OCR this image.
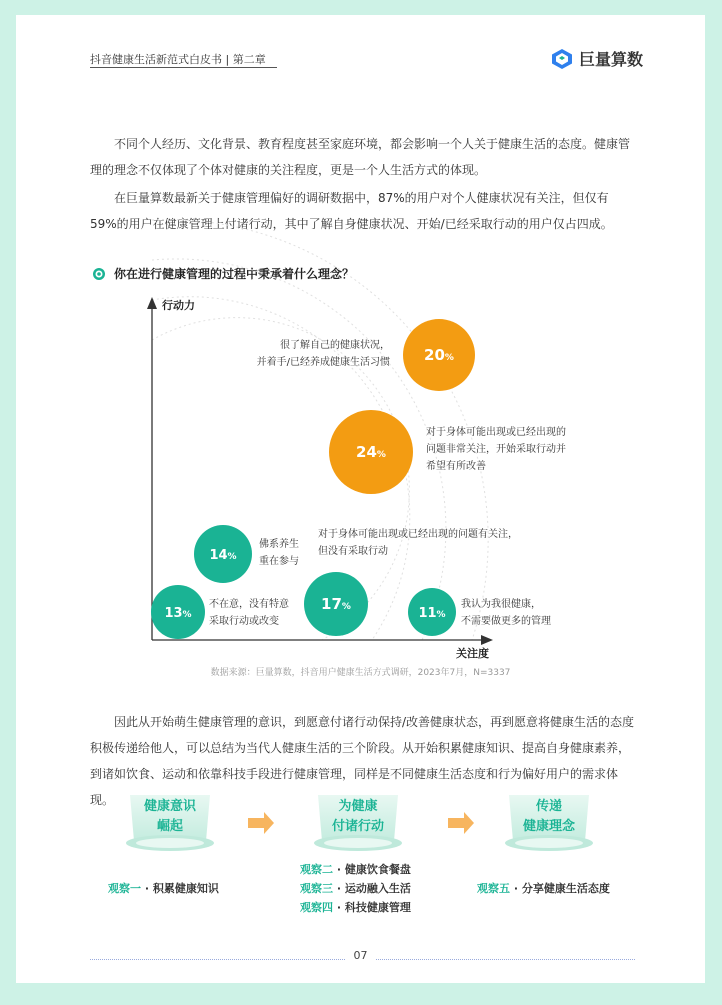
抖音健康生活新范式白皮书 | 第二章	巨量算数

不同个人经历、文化背景、教育程度甚至家庭环境，都会影响一个人关于健康生活的态度。健康管理的理念不仅体现了个体对健康的关注程度，更是一个人生活方式的体现。

在巨量算数最新关于健康管理偏好的调研数据中，87%的用户对个人健康状况有关注，但仅有59%的用户在健康管理上付诸行动，其中了解自身健康状况、开始/已经采取行动的用户仅占四成。

你在进行健康管理的过程中秉承着什么理念？
行动力
关注度
20%
很了解自己的健康状况，
并着手/已经养成健康生活习惯
24%
对于身体可能出现或已经出现的
问题非常关注，开始采取行动并
希望有所改善
14%
佛系养生
重在参与
13%
不在意，没有特意
采取行动或改变
17%
对于身体可能出现或已经出现的问题有关注，
但没有采取行动
11%
我认为我很健康，
不需要做更多的管理
数据来源：巨量算数，抖音用户健康生活方式调研，2023年7月，N=3337

因此从开始萌生健康管理的意识，到愿意付诸行动保持/改善健康状态，再到愿意将健康生活的态度积极传递给他人，可以总结为当代人健康生活的三个阶段。从开始积累健康知识、提高自身健康素养，到诸如饮食、运动和依靠科技手段进行健康管理，同样是不同健康生活态度和行为偏好用户的需求体现。	健康意识
崛起
为健康
付诸行动
传递
健康理念
观察一 · 积累健康知识
观察二 · 健康饮食餐盘
观察三 · 运动融入生活
观察四 · 科技健康管理
观察五 · 分享健康生活态度
07
